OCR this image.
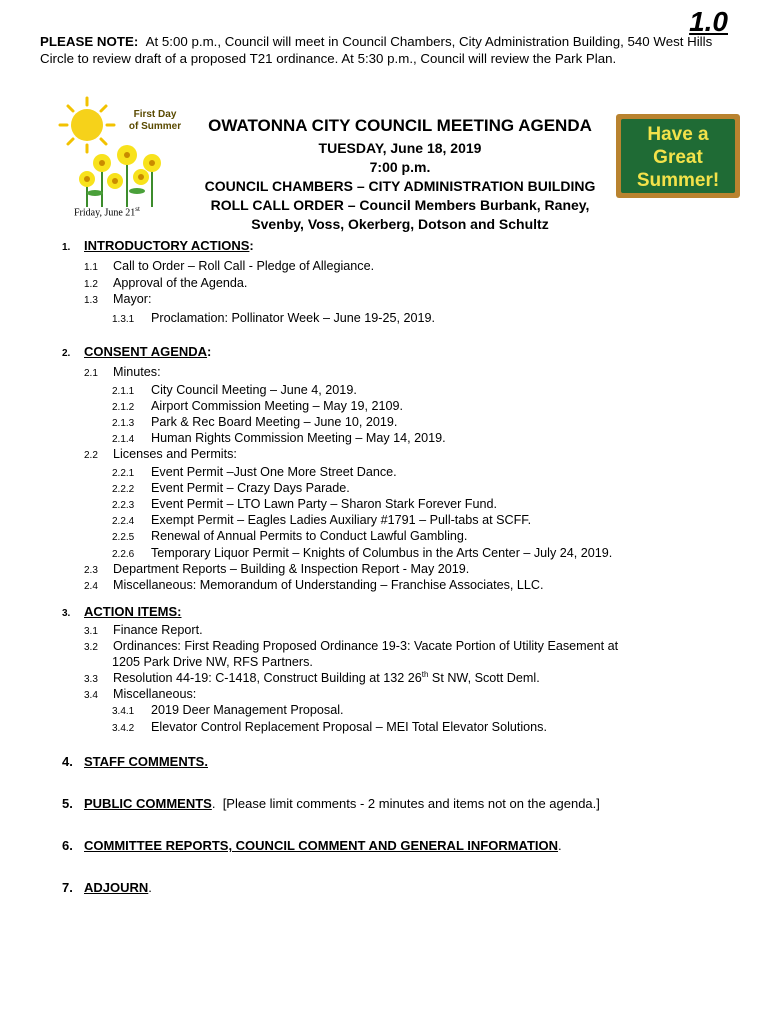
1.0
PLEASE NOTE: At 5:00 p.m., Council will meet in Council Chambers, City Administration Building, 540 West Hills Circle to review draft of a proposed T21 ordinance. At 5:30 p.m., Council will review the Park Plan.
First Day
of Summer
Friday, June 21st
Have a
Great
Summer!
OWATONNA CITY COUNCIL MEETING AGENDA
TUESDAY, June 18, 2019
7:00 p.m.
COUNCIL CHAMBERS – CITY ADMINISTRATION BUILDING
ROLL CALL ORDER – Council Members Burbank, Raney,
Svenby, Voss, Okerberg, Dotson and Schultz
1. INTRODUCTORY ACTIONS:
1.1 Call to Order – Roll Call - Pledge of Allegiance.
1.2 Approval of the Agenda.
1.3 Mayor:
1.3.1 Proclamation: Pollinator Week – June 19-25, 2019.
2. CONSENT AGENDA:
2.1 Minutes:
2.1.1 City Council Meeting – June 4, 2019.
2.1.2 Airport Commission Meeting – May 19, 2109.
2.1.3 Park & Rec Board Meeting – June 10, 2019.
2.1.4 Human Rights Commission Meeting – May 14, 2019.
2.2 Licenses and Permits:
2.2.1 Event Permit –Just One More Street Dance.
2.2.2 Event Permit – Crazy Days Parade.
2.2.3 Event Permit – LTO Lawn Party – Sharon Stark Forever Fund.
2.2.4 Exempt Permit – Eagles Ladies Auxiliary #1791 – Pull-tabs at SCFF.
2.2.5 Renewal of Annual Permits to Conduct Lawful Gambling.
2.2.6 Temporary Liquor Permit – Knights of Columbus in the Arts Center – July 24, 2019.
2.3 Department Reports – Building & Inspection Report - May 2019.
2.4 Miscellaneous: Memorandum of Understanding – Franchise Associates, LLC.
3. ACTION ITEMS:
3.1 Finance Report.
3.2 Ordinances: First Reading Proposed Ordinance 19-3: Vacate Portion of Utility Easement at
1205 Park Drive NW, RFS Partners.
3.3 Resolution 44-19: C-1418, Construct Building at 132 26th St NW, Scott Deml.
3.4 Miscellaneous:
3.4.1 2019 Deer Management Proposal.
3.4.2 Elevator Control Replacement Proposal – MEI Total Elevator Solutions.
4. STAFF COMMENTS.
5. PUBLIC COMMENTS.  [Please limit comments - 2 minutes and items not on the agenda.]
6. COMMITTEE REPORTS, COUNCIL COMMENT AND GENERAL INFORMATION.
7. ADJOURN.
